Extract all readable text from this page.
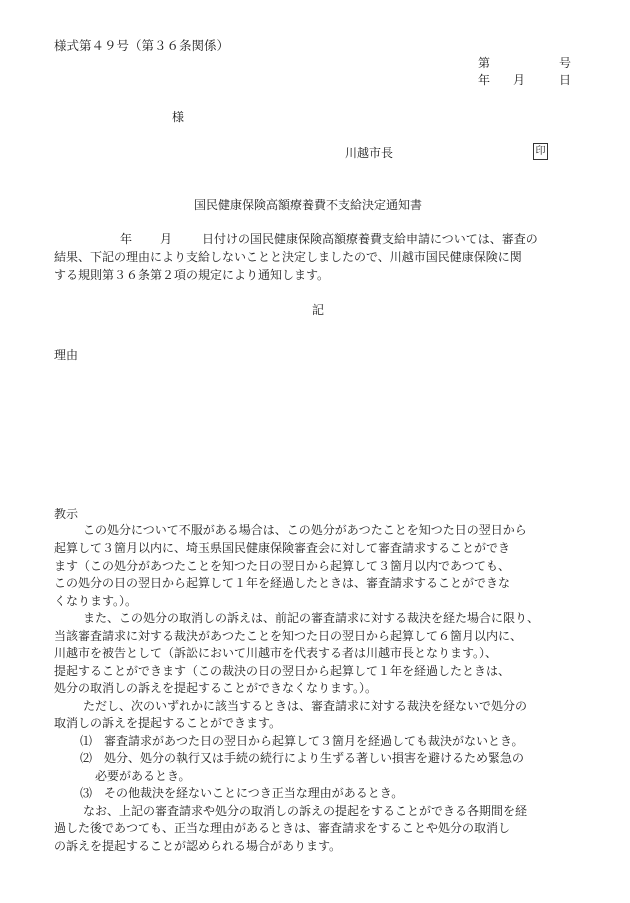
様式第４９号（第３６条関係）
第	号
年 月	日
様
川越市長	印
国民健康保険高額療養費不支給決定通知書
年 月 日付けの国民健康保険高額療養費支給申請については、審査の
結果、下記の理由により支給しないことと決定しましたので、川越市国民健康保険に関
する規則第３６条第２項の規定により通知します。
記
理由
教示
この処分について不服がある場合は、この処分があつたことを知つた日の翌日から
起算して３箇月以内に、埼玉県国民健康保険審査会に対して審査請求することができ
ます（この処分があつたことを知つた日の翌日から起算して３箇月以内であつても、
この処分の日の翌日から起算して１年を経過したときは、審査請求することができな
くなります。）。
また、この処分の取消しの訴えは、前記の審査請求に対する裁決を経た場合に限り、
当該審査請求に対する裁決があつたことを知つた日の翌日から起算して６箇月以内に、
川越市を被告として（訴訟において川越市を代表する者は川越市長となります。）、
提起することができます（この裁決の日の翌日から起算して１年を経過したときは、
処分の取消しの訴えを提起することができなくなります。）。
ただし、次のいずれかに該当するときは、審査請求に対する裁決を経ないで処分の
取消しの訴えを提起することができます。
⑴　審査請求があつた日の翌日から起算して３箇月を経過しても裁決がないとき。
⑵　処分、処分の執行又は手続の続行により生ずる著しい損害を避けるため緊急の
必要があるとき。
⑶　その他裁決を経ないことにつき正当な理由があるとき。
なお、上記の審査請求や処分の取消しの訴えの提起をすることができる各期間を経
過した後であつても、正当な理由があるときは、審査請求をすることや処分の取消し
の訴えを提起することが認められる場合があります。
